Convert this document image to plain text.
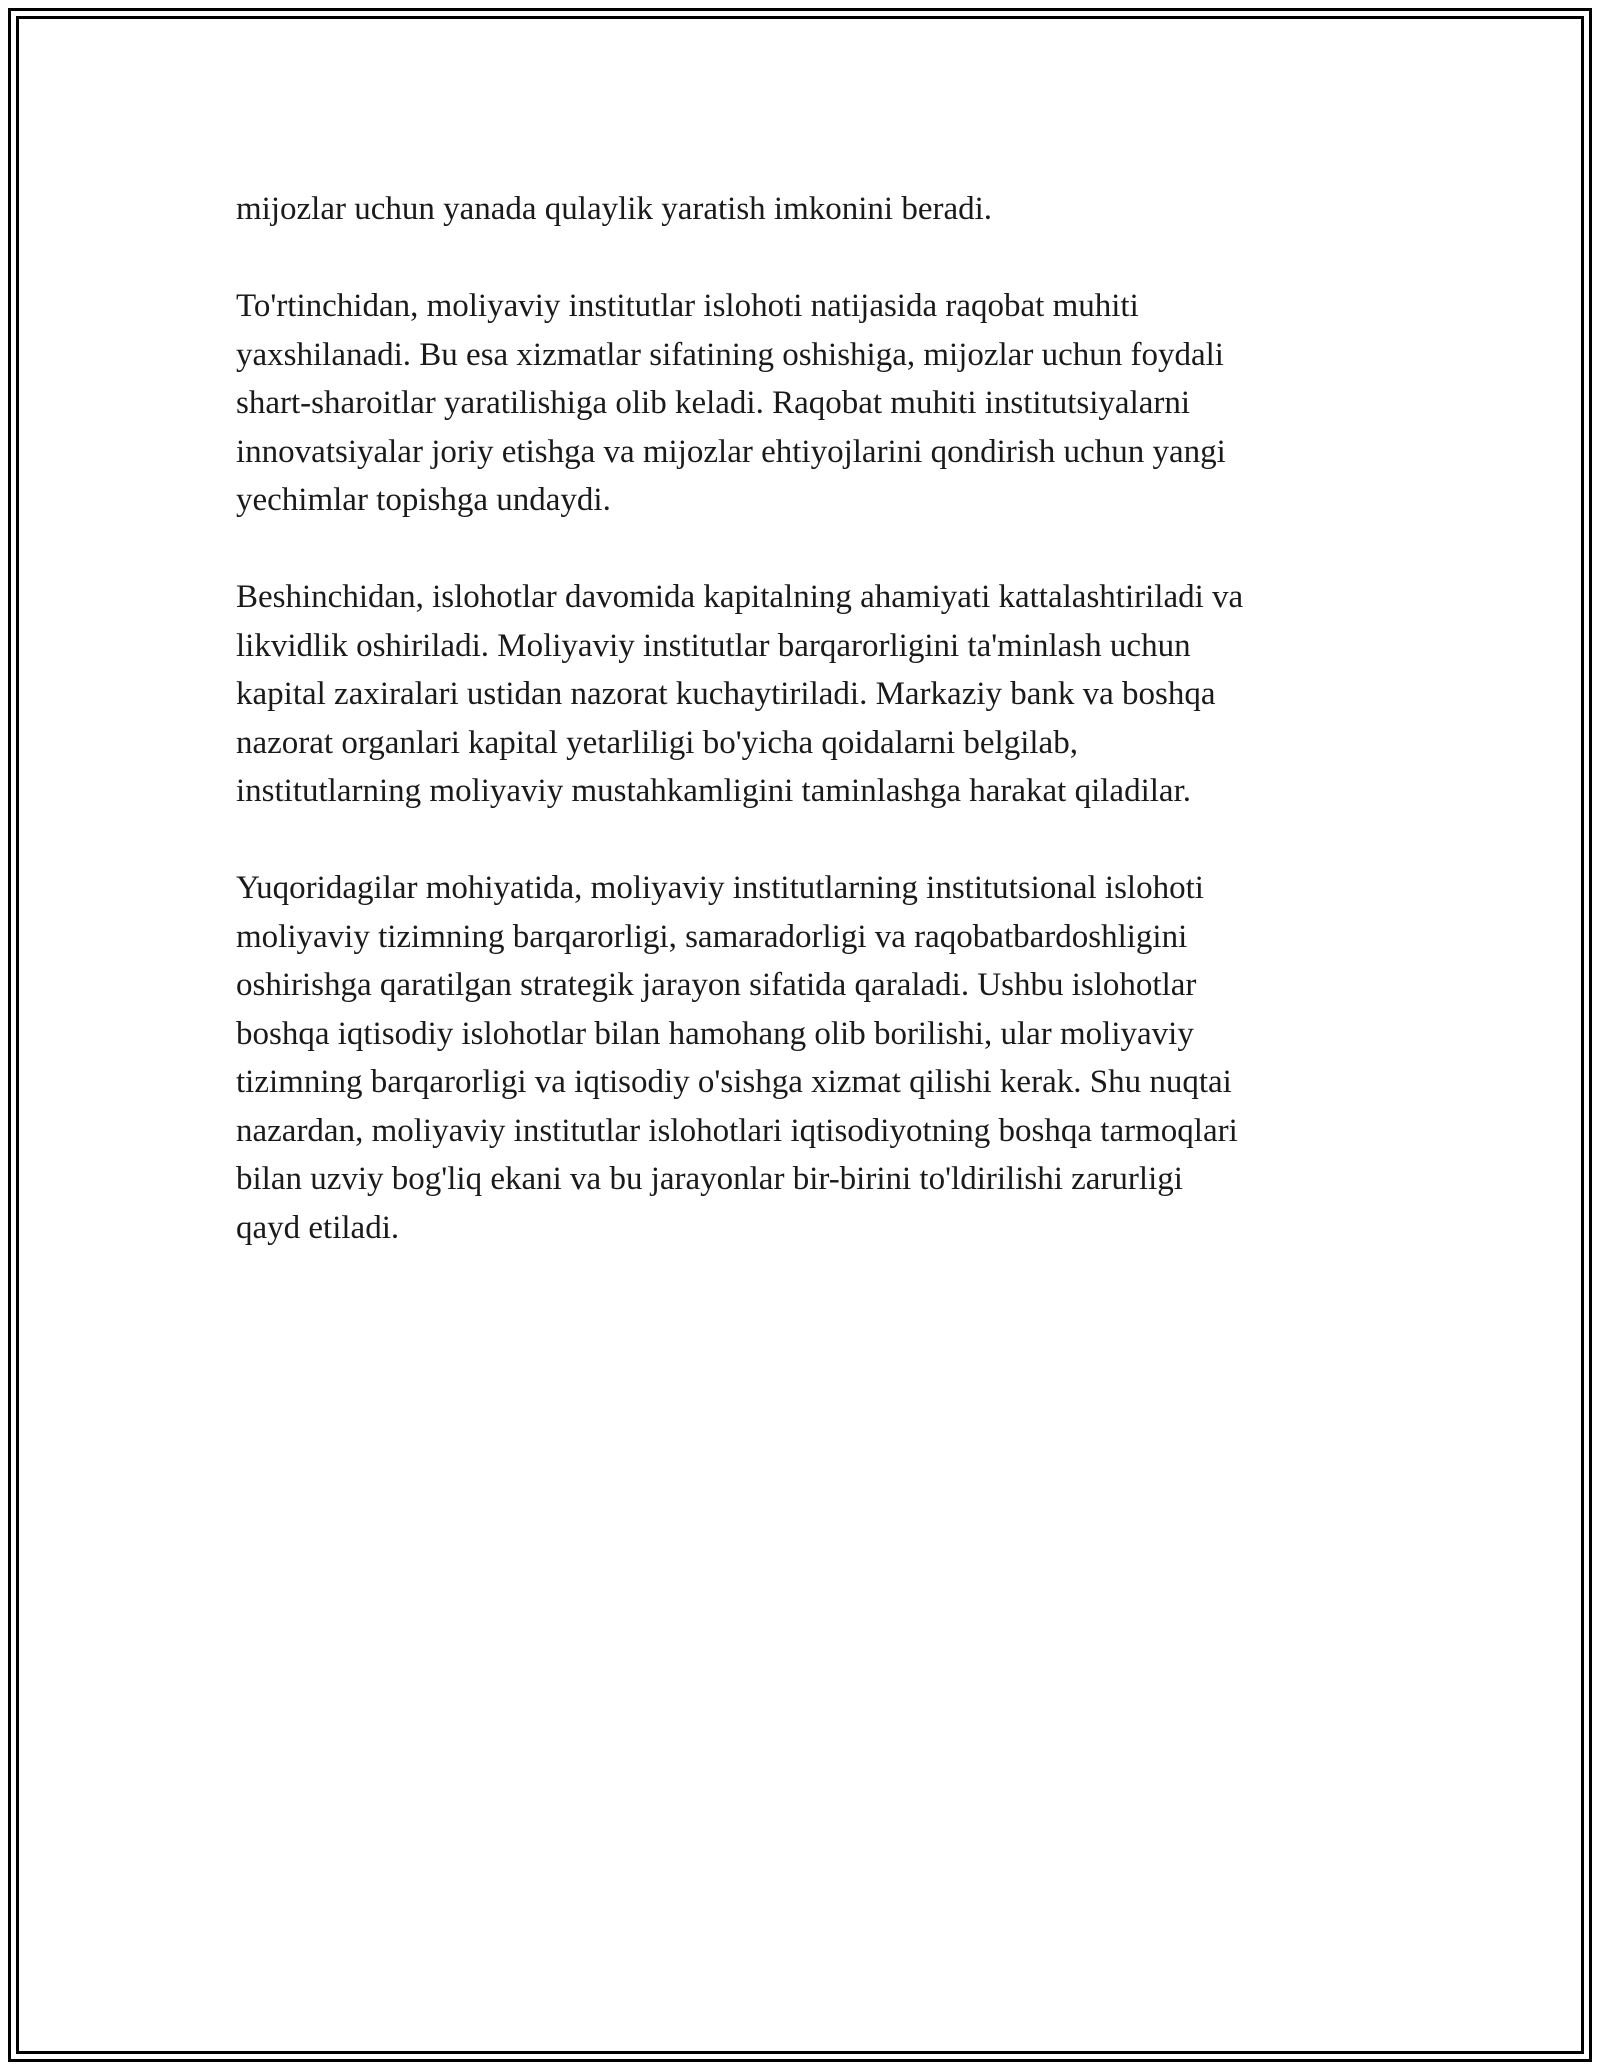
mijozlar uchun yanada qulaylik yaratish imkonini beradi.

To'rtinchidan, moliyaviy institutlar islohoti natijasida raqobat muhiti
yaxshilanadi. Bu esa xizmatlar sifatining oshishiga, mijozlar uchun foydali
shart-sharoitlar yaratilishiga olib keladi. Raqobat muhiti institutsiyalarni
innovatsiyalar joriy etishga va mijozlar ehtiyojlarini qondirish uchun yangi
yechimlar topishga undaydi.

Beshinchidan, islohotlar davomida kapitalning ahamiyati kattalashtiriladi va
likvidlik oshiriladi. Moliyaviy institutlar barqarorligini ta'minlash uchun
kapital zaxiralari ustidan nazorat kuchaytiriladi. Markaziy bank va boshqa
nazorat organlari kapital yetarliligi bo'yicha qoidalarni belgilab,
institutlarning moliyaviy mustahkamligini taminlashga harakat qiladilar.

Yuqoridagilar mohiyatida, moliyaviy institutlarning institutsional islohoti
moliyaviy tizimning barqarorligi, samaradorligi va raqobatbardoshligini
oshirishga qaratilgan strategik jarayon sifatida qaraladi. Ushbu islohotlar
boshqa iqtisodiy islohotlar bilan hamohang olib borilishi, ular moliyaviy
tizimning barqarorligi va iqtisodiy o'sishga xizmat qilishi kerak. Shu nuqtai
nazardan, moliyaviy institutlar islohotlari iqtisodiyotning boshqa tarmoqlari
bilan uzviy bog'liq ekani va bu jarayonlar bir-birini to'ldirilishi zarurligi
qayd etiladi.
